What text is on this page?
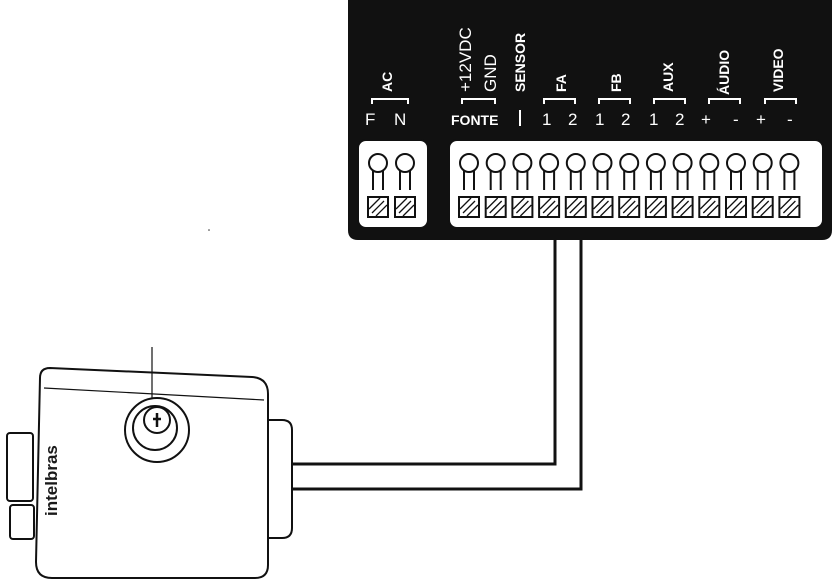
AC
F N
+12VDC GND
FONTE
SENSOR FA
1 2
FB
1 2
AUX
1 2
ÁUDIO
+ -
VIDEO
+ -
intelbras
